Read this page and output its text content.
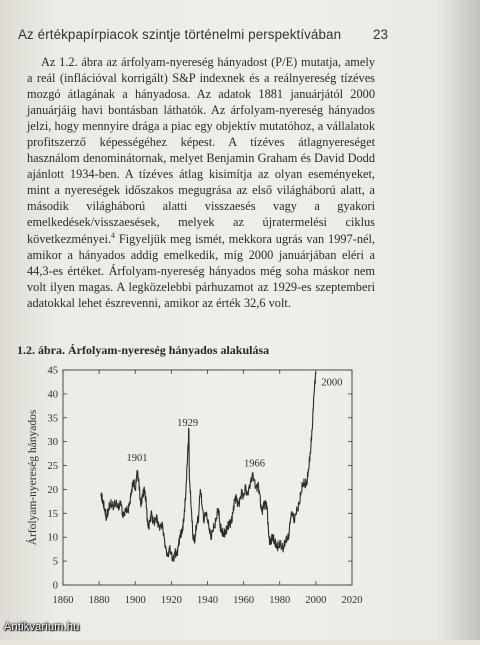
Az értékpapírpiacok szintje történelmi perspektívában 23

Az 1.2. ábra az árfolyam-nyereség hányadost (P/E) mutatja, amely a reál (inflációval korrigált) S&P indexnek és a reálnyereség tízéves mozgó átlagának a hányadosa. Az adatok 1881 januárjától 2000 januárjáig havi bontásban láthatók. Az árfolyam-nyereség hányados jelzi, hogy mennyire drága a piac egy objektív mutatóhoz, a vállalatok profitszerző képességéhez képest. A tízéves átlagnyereséget használom denominátornak, melyet Benjamin Graham és David Dodd ajánlott 1934-ben. A tízéves átlag kisimítja az olyan eseményeket, mint a nyereségek időszakos megugrása az első világháború alatt, a második világháború alatti visszaesés vagy a gyakori emelkedések/visszaesések, melyek az újratermelési ciklus következményei.$^4$ Figyeljük meg ismét, mekkora ugrás van 1997-nél, amikor a hányados addig emelkedik, míg 2000 januárjában eléri a 44,3-es értéket. Árfolyam-nyereség hányados még soha máskor nem volt ilyen magas. A legközelebbi párhuzamot az 1929-es szeptemberi adatokkal lehet észrevenni, amikor az érték 32,6 volt.

1.2. ábra. Árfolyam-nyereség hányados alakulása
0
5
10
15
20
25
30
35
40
45
1860 1880 1900 1920 1940 1960 1980 2000 2020
Árfolyam-nyereség hányados	1901
1929
1966
2000
Antikvarium.hu
